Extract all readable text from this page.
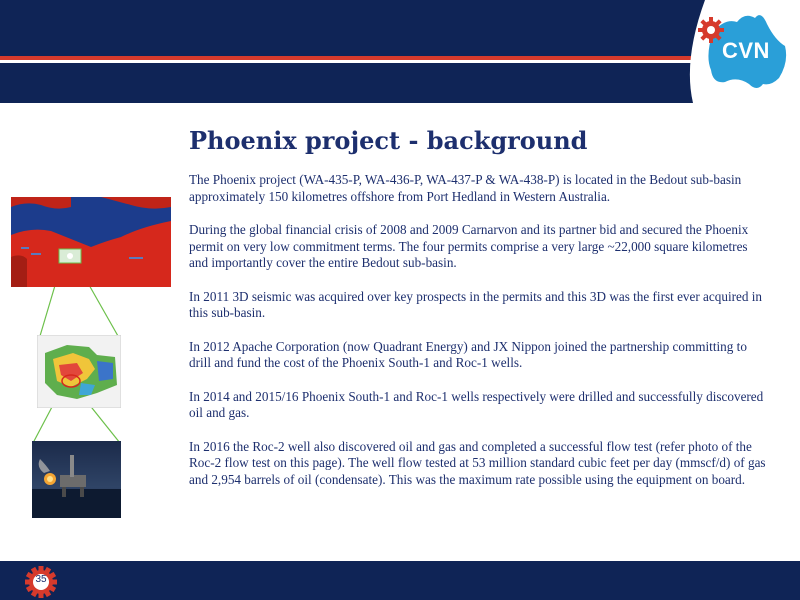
CVN
Phoenix project - background

The Phoenix project (WA-435-P, WA-436-P, WA-437-P & WA-438-P) is located in the Bedout sub-basin approximately 150 kilometres offshore from Port Hedland in Western Australia.

During the global financial crisis of 2008 and 2009 Carnarvon and its partner bid and secured the Phoenix permit on very low commitment terms. The four permits comprise a very large ~22,000 square kilometres and importantly cover the entire Bedout sub-basin.

In 2011 3D seismic was acquired over key prospects in the permits and this 3D was the first ever acquired in this sub-basin.

In 2012 Apache Corporation (now Quadrant Energy) and JX Nippon joined the partnership committing to drill and fund the cost of the Phoenix South-1 and Roc-1 wells.

In 2014 and 2015/16 Phoenix South-1 and Roc-1 wells respectively were drilled and successfully discovered oil and gas.

In 2016 the Roc-2 well also discovered oil and gas and completed a successful flow test (refer photo of the Roc-2 flow test on this page). The well flow tested at 53 million standard cubic feet per day (mmscf/d) of gas and 2,954 barrels of oil (condensate). This was the maximum rate possible using the equipment on board.

35
